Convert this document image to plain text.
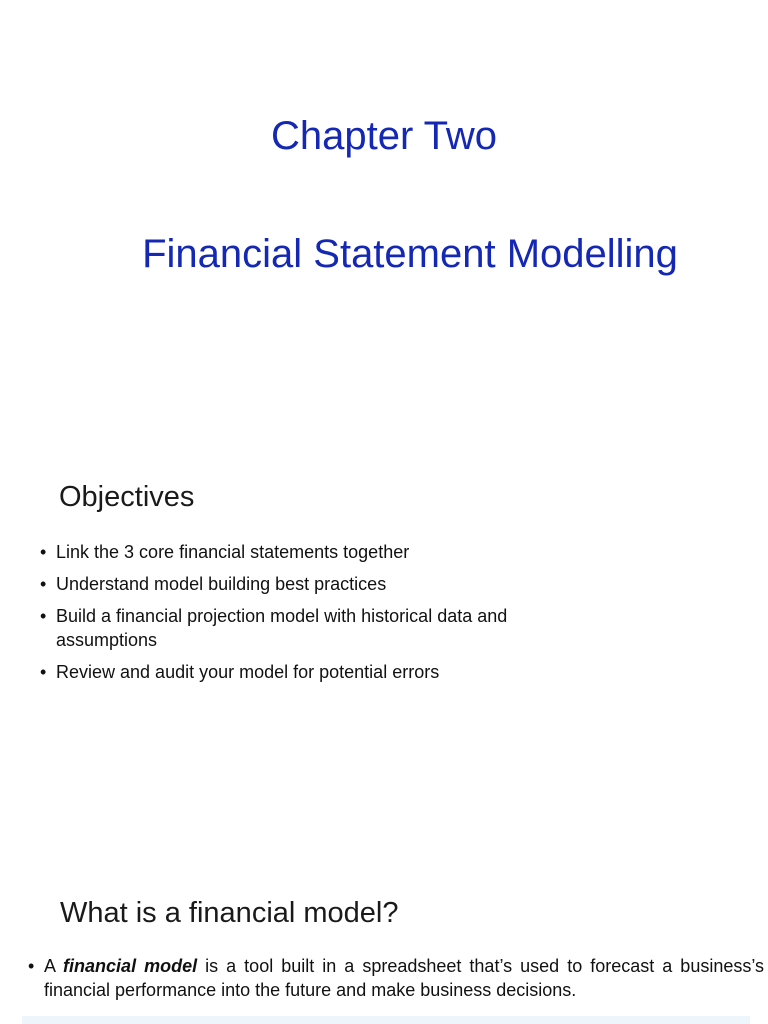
Chapter Two
Financial Statement Modelling
Objectives
• Link the 3 core financial statements together
• Understand model building best practices
• Build a financial projection model with historical data and assumptions
• Review and audit your model for potential errors
What is a financial model?

• A financial model is a tool built in a spreadsheet that’s used to forecast a business’s financial performance into the future and make business decisions.
